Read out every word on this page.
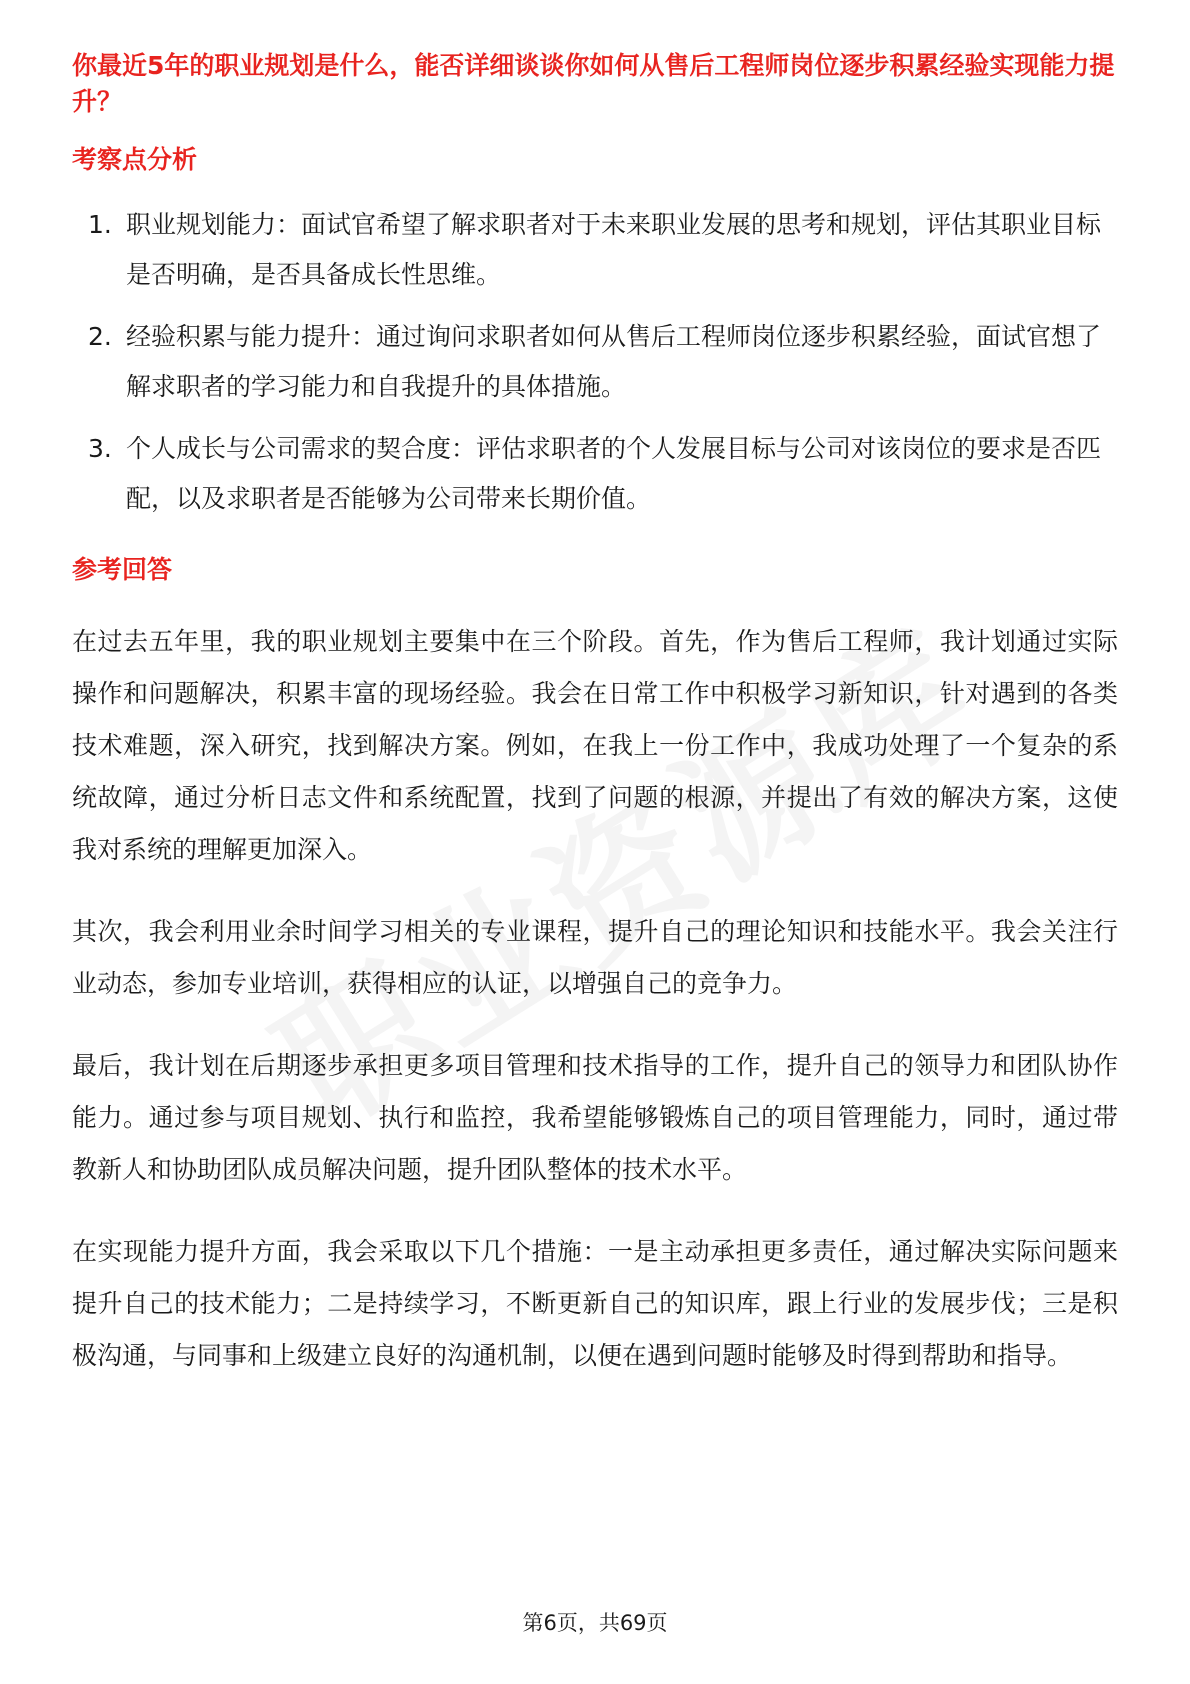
你最近5年的职业规划是什么，能否详细谈谈你如何从售后工程师岗位逐步积累经验实现能力提升？
考察点分析
1. 职业规划能力：面试官希望了解求职者对于未来职业发展的思考和规划，评估其职业目标是否明确，是否具备成长性思维。
2. 经验积累与能力提升：通过询问求职者如何从售后工程师岗位逐步积累经验，面试官想了解求职者的学习能力和自我提升的具体措施。
3. 个人成长与公司需求的契合度：评估求职者的个人发展目标与公司对该岗位的要求是否匹配，以及求职者是否能够为公司带来长期价值。
参考回答

在过去五年里，我的职业规划主要集中在三个阶段。首先，作为售后工程师，我计划通过实际操作和问题解决，积累丰富的现场经验。我会在日常工作中积极学习新知识，针对遇到的各类技术难题，深入研究，找到解决方案。例如，在我上一份工作中，我成功处理了一个复杂的系统故障，通过分析日志文件和系统配置，找到了问题的根源，并提出了有效的解决方案，这使我对系统的理解更加深入。

其次，我会利用业余时间学习相关的专业课程，提升自己的理论知识和技能水平。我会关注行业动态，参加专业培训，获得相应的认证，以增强自己的竞争力。

最后，我计划在后期逐步承担更多项目管理和技术指导的工作，提升自己的领导力和团队协作能力。通过参与项目规划、执行和监控，我希望能够锻炼自己的项目管理能力，同时，通过带教新人和协助团队成员解决问题，提升团队整体的技术水平。

在实现能力提升方面，我会采取以下几个措施：一是主动承担更多责任，通过解决实际问题来提升自己的技术能力；二是持续学习，不断更新自己的知识库，跟上行业的发展步伐；三是积极沟通，与同事和上级建立良好的沟通机制，以便在遇到问题时能够及时得到帮助和指导。

第6页，共69页
